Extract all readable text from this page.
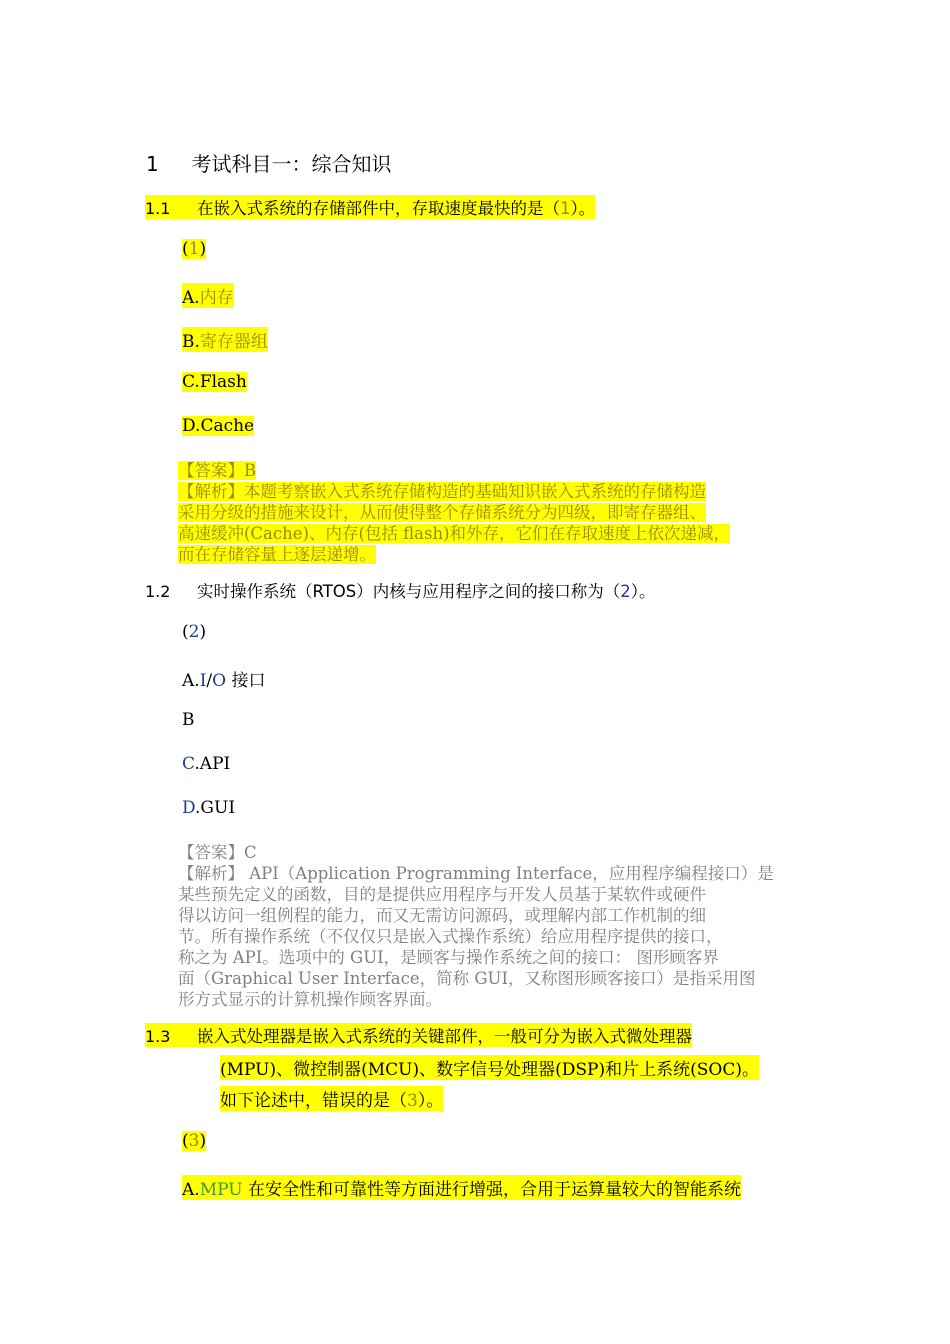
1 考试科目一：综合知识
1.1 在嵌入式系统的存储部件中，存取速度最快的是（1）。
(1)
A.内存
B.寄存器组
C.Flash
D.Cache
【答案】B
【解析】本题考察嵌入式系统存储构造的基础知识嵌入式系统的存储构造
采用分级的措施来设计，从而使得整个存储系统分为四级，即寄存器组、
高速缓冲(Cache)、内存(包括 flash)和外存，它们在存取速度上依次递减，
而在存储容量上逐层递增。
1.2 实时操作系统（RTOS）内核与应用程序之间的接口称为（2）。
(2)
A.I/O 接口
B
C.API
D.GUI
【答案】C
【解析】 API（Application Programming Interface，应用程序编程接口）是
某些预先定义的函数，目的是提供应用程序与开发人员基于某软件或硬件
得以访问一组例程的能力，而又无需访问源码，或理解内部工作机制的细
节。所有操作系统（不仅仅只是嵌入式操作系统）给应用程序提供的接口，
称之为 API。选项中的 GUI，是顾客与操作系统之间的接口： 图形顾客界
面（Graphical User Interface，简称 GUI，又称图形顾客接口）是指采用图
形方式显示的计算机操作顾客界面。
1.3 嵌入式处理器是嵌入式系统的关键部件，一般可分为嵌入式微处理器
(MPU)、微控制器(MCU)、数字信号处理器(DSP)和片上系统(SOC)。
如下论述中，错误的是（3）。
(3)
A.MPU 在安全性和可靠性等方面进行增强，合用于运算量较大的智能系统
